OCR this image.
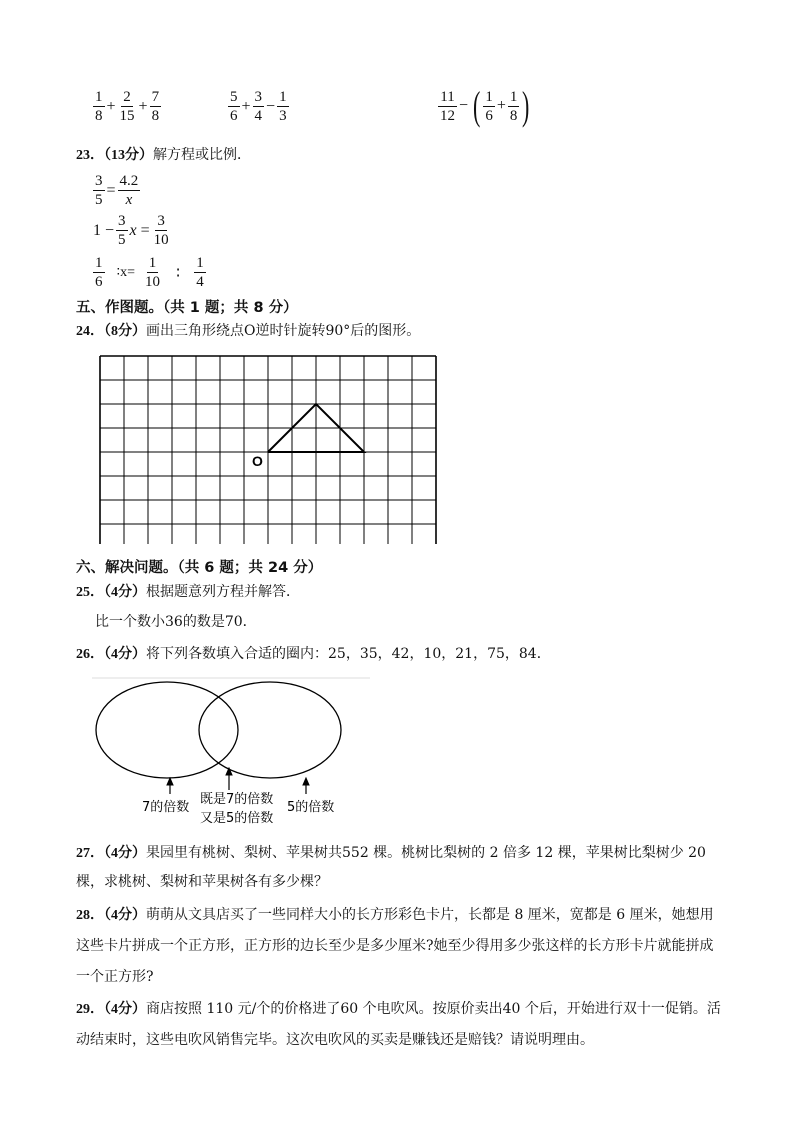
$\frac{1}{8} + \frac{2}{15} + \frac{7}{8}$	$\frac{5}{6} + \frac{3}{4} - \frac{1}{3}$	$\frac{11}{12}$ − ( $\frac{1}{6} + \frac{1}{8}$ )
23．（13分）解方程或比例．
$\frac{3}{5} = \frac{4.2}{x}$
$1 - \frac{3}{5}$ $x = \frac{3}{10}$
$\frac{1}{6}$ ∶x= $\frac{1}{10}$ ∶ $\frac{1}{4}$
五、作图题。（共 1 题；共 8 分）
24．（8分）画出三角形绕点O逆时针旋转90°后的图形。
O
六、解决问题。（共 6 题；共 24 分）
25．（4分）根据题意列方程并解答．
比一个数小36的数是70．
26．（4分）将下列各数填入合适的圈内：25，35，42，10，21，75，84．
7的倍数
既是7的倍数
又是5的倍数
5的倍数
27．（4分）果园里有桃树、梨树、苹果树共552 棵。桃树比梨树的 2 倍多 12 棵，苹果树比梨树少 20
棵，求桃树、梨树和苹果树各有多少棵？
28．（4分）萌萌从文具店买了一些同样大小的长方形彩色卡片，长都是 8 厘米，宽都是 6 厘米，她想用
这些卡片拼成一个正方形，正方形的边长至少是多少厘米?她至少得用多少张这样的长方形卡片就能拼成
一个正方形?
29．（4分）商店按照 110 元/个的价格进了60 个电吹风。按原价卖出40 个后，开始进行双十一促销。活
动结束时，这些电吹风销售完毕。这次电吹风的买卖是赚钱还是赔钱？请说明理由。
